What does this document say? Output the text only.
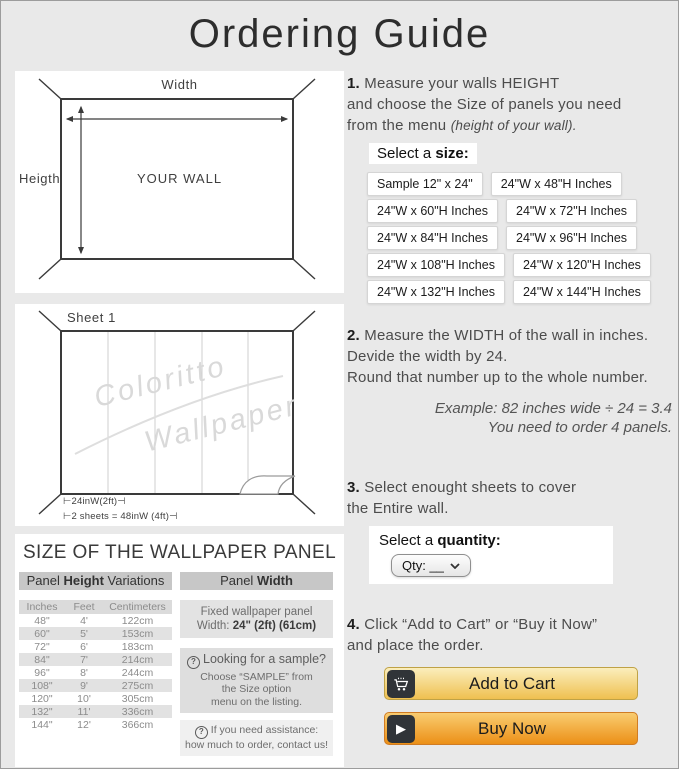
Ordering Guide
Width
Heigth	YOUR WALL
Sheet 1
Coloritto
Wallpaper
⊢24inW(2ft)⊣
⊢2 sheets = 48inW (4ft)⊣
SIZE OF THE WALLPAPER PANEL
Panel Height Variations	Panel Width
Inches	Feet	Centimeters
48"	4'	122cm
60"	5'	153cm
72"	6'	183cm
84"	7'	214cm
96"	8'	244cm
108"	9'	275cm
120"	10'	305cm
132"	11'	336cm
144"	12'	366cm
Fixed wallpaper panel
Width: 24" (2ft) (61cm)
? Looking for a sample?
Choose “SAMPLE” from
the Size option
menu on the listing.
? If you need assistance:
how much to order, contact us!
1. Measure your walls HEIGHT
and choose the Size of panels you need
from the menu (height of your wall).
Select a size:
Sample 12" x 24"	24"W x 48"H Inches
24"W x 60"H Inches	24"W x 72"H Inches
24"W x 84"H Inches	24"W x 96"H Inches
24"W x 108"H Inches	24"W x 120"H Inches
24"W x 132"H Inches	24"W x 144"H Inches
2. Measure the WIDTH of the wall in inches.
Devide the width by 24.
Round that number up to the whole number.
Example: 82 inches wide ÷ 24 = 3.4
You need to order 4 panels.
3. Select enought sheets to cover
the Entire wall.
Select a quantity:
Qty: __
4. Click “Add to Cart” or “Buy it Now”
and place the order.
Add to Cart
▶	Buy Now
